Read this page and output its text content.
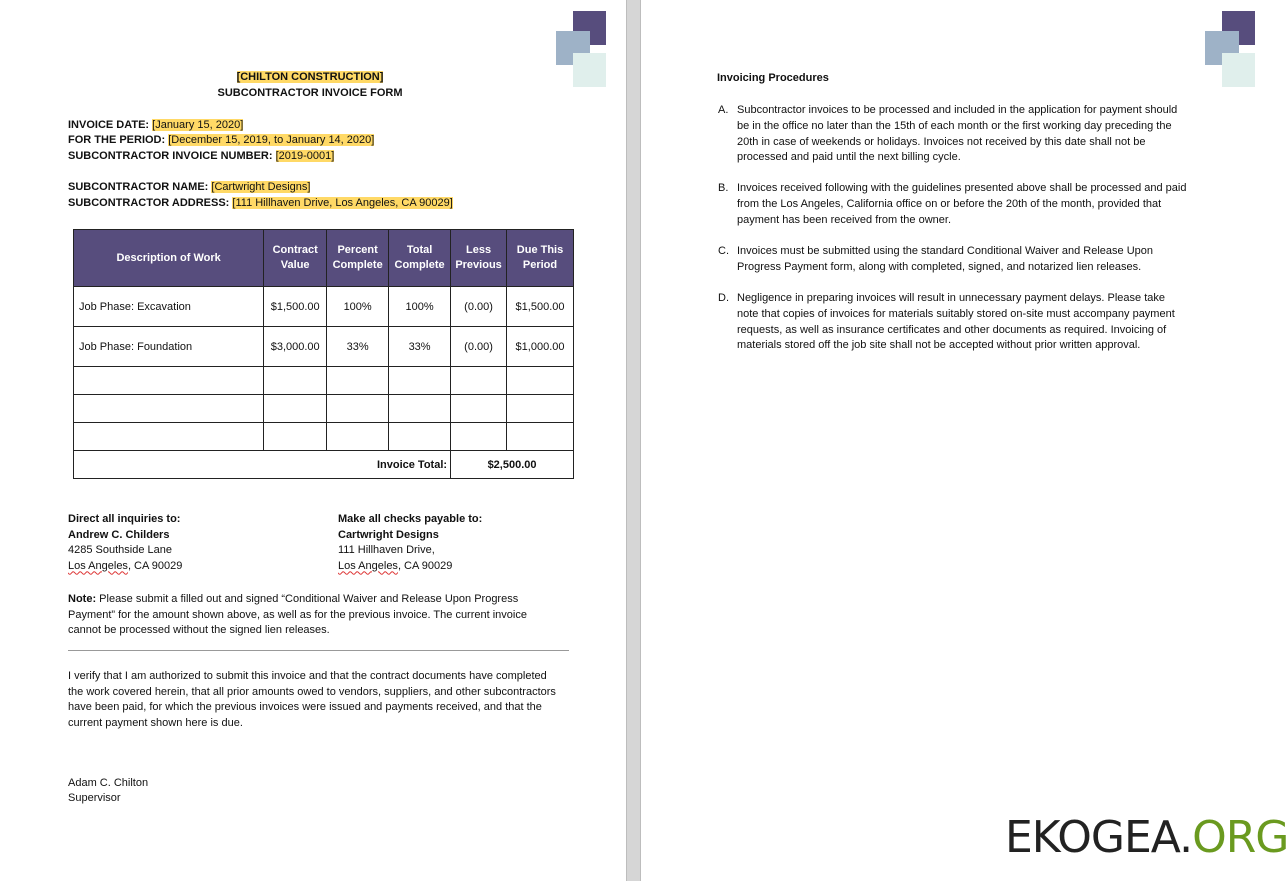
[CHILTON CONSTRUCTION]
SUBCONTRACTOR INVOICE FORM
INVOICE DATE: [January 15, 2020]
FOR THE PERIOD: [December 15, 2019, to January 14, 2020]
SUBCONTRACTOR INVOICE NUMBER: [2019-0001]
SUBCONTRACTOR NAME: [Cartwright Designs]
SUBCONTRACTOR ADDRESS: [111 Hillhaven Drive, Los Angeles, CA 90029]
Description of Work	Contract Value	Percent Complete	Total Complete	Less Previous	Due This Period
Job Phase: Excavation	$1,500.00	100%	100%	(0.00)	$1,500.00
Job Phase: Foundation	$3,000.00	33%	33%	(0.00)	$1,000.00

Invoice Total:				$2,500.00	
Direct all inquiries to:
Andrew C. Childers
4285 Southside Lane
Los Angeles, CA 90029
Make all checks payable to:
Cartwright Designs
111 Hillhaven Drive,
Los Angeles, CA 90029
Note: Please submit a filled out and signed “Conditional Waiver and Release Upon Progress Payment” for the amount shown above, as well as for the previous invoice. The current invoice cannot be processed without the signed lien releases.
I verify that I am authorized to submit this invoice and that the contract documents have completed the work covered herein, that all prior amounts owed to vendors, suppliers, and other subcontractors have been paid, for which the previous invoices were issued and payments received, and that the current payment shown here is due.
Adam C. Chilton
Supervisor
Invoicing Procedures
A. Subcontractor invoices to be processed and included in the application for payment should be in the office no later than the 15th of each month or the first working day preceding the 20th in case of weekends or holidays. Invoices not received by this date shall not be processed and paid until the next billing cycle.
B. Invoices received following with the guidelines presented above shall be processed and paid from the Los Angeles, California office on or before the 20th of the month, provided that payment has been received from the owner.
C. Invoices must be submitted using the standard Conditional Waiver and Release Upon Progress Payment form, along with completed, signed, and notarized lien releases.
D. Negligence in preparing invoices will result in unnecessary payment delays. Please take note that copies of invoices for materials suitably stored on-site must accompany payment requests, as well as insurance certificates and other documents as required. Invoicing of materials stored off the job site shall not be accepted without prior written approval.
EKOGEA.ORG
